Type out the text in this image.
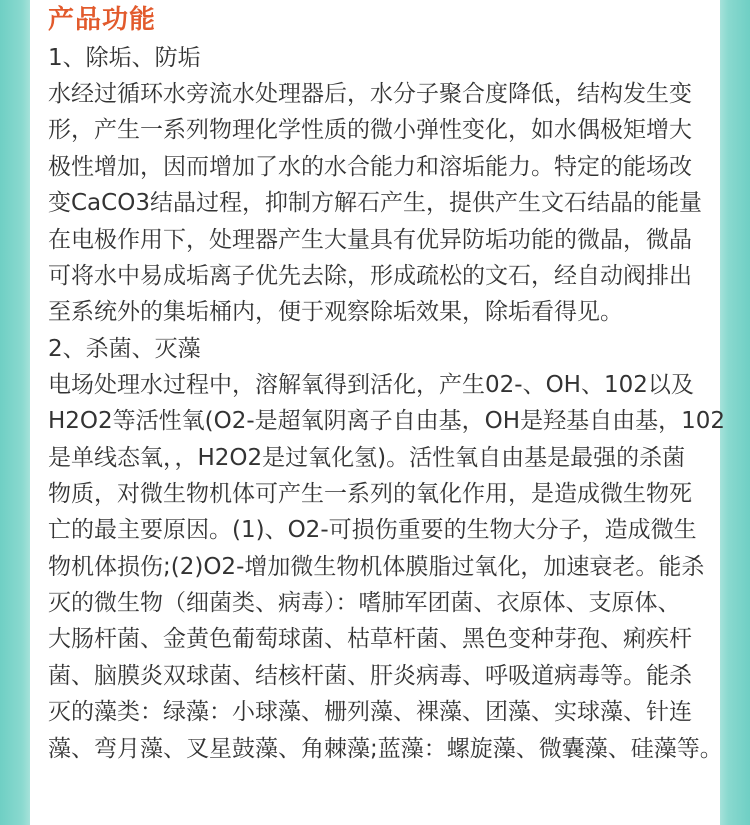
产品功能

1、除垢、防垢

水经过循环水旁流水处理器后，水分子聚合度降低，结构发生变

形，产生一系列物理化学性质的微小弹性变化，如水偶极矩增大

极性增加，因而增加了水的水合能力和溶垢能力。特定的能场改

变CaCO3结晶过程，抑制方解石产生，提供产生文石结晶的能量

在电极作用下，处理器产生大量具有优异防垢功能的微晶，微晶

可将水中易成垢离子优先去除，形成疏松的文石，经自动阀排出

至系统外的集垢桶内，便于观察除垢效果，除垢看得见。

2、杀菌、灭藻

电场处理水过程中，溶解氧得到活化，产生02-、OH、102以及

H2O2等活性氧(O2-是超氧阴离子自由基，OH是羟基自由基，102

是单线态氧，，H2O2是过氧化氢)。活性氧自由基是最强的杀菌

物质，对微生物机体可产生一系列的氧化作用，是造成微生物死

亡的最主要原因。(1)、O2-可损伤重要的生物大分子，造成微生

物机体损伤;(2)O2-增加微生物机体膜脂过氧化，加速衰老。能杀

灭的微生物（细菌类、病毒）：嗜肺军团菌、衣原体、支原体、

大肠杆菌、金黄色葡萄球菌、枯草杆菌、黑色变种芽孢、痢疾杆

菌、脑膜炎双球菌、结核杆菌、肝炎病毒、呼吸道病毒等。能杀

灭的藻类：绿藻：小球藻、栅列藻、裸藻、团藻、实球藻、针连

藻、弯月藻、叉星鼓藻、角棘藻;蓝藻：螺旋藻、微囊藻、硅藻等。
